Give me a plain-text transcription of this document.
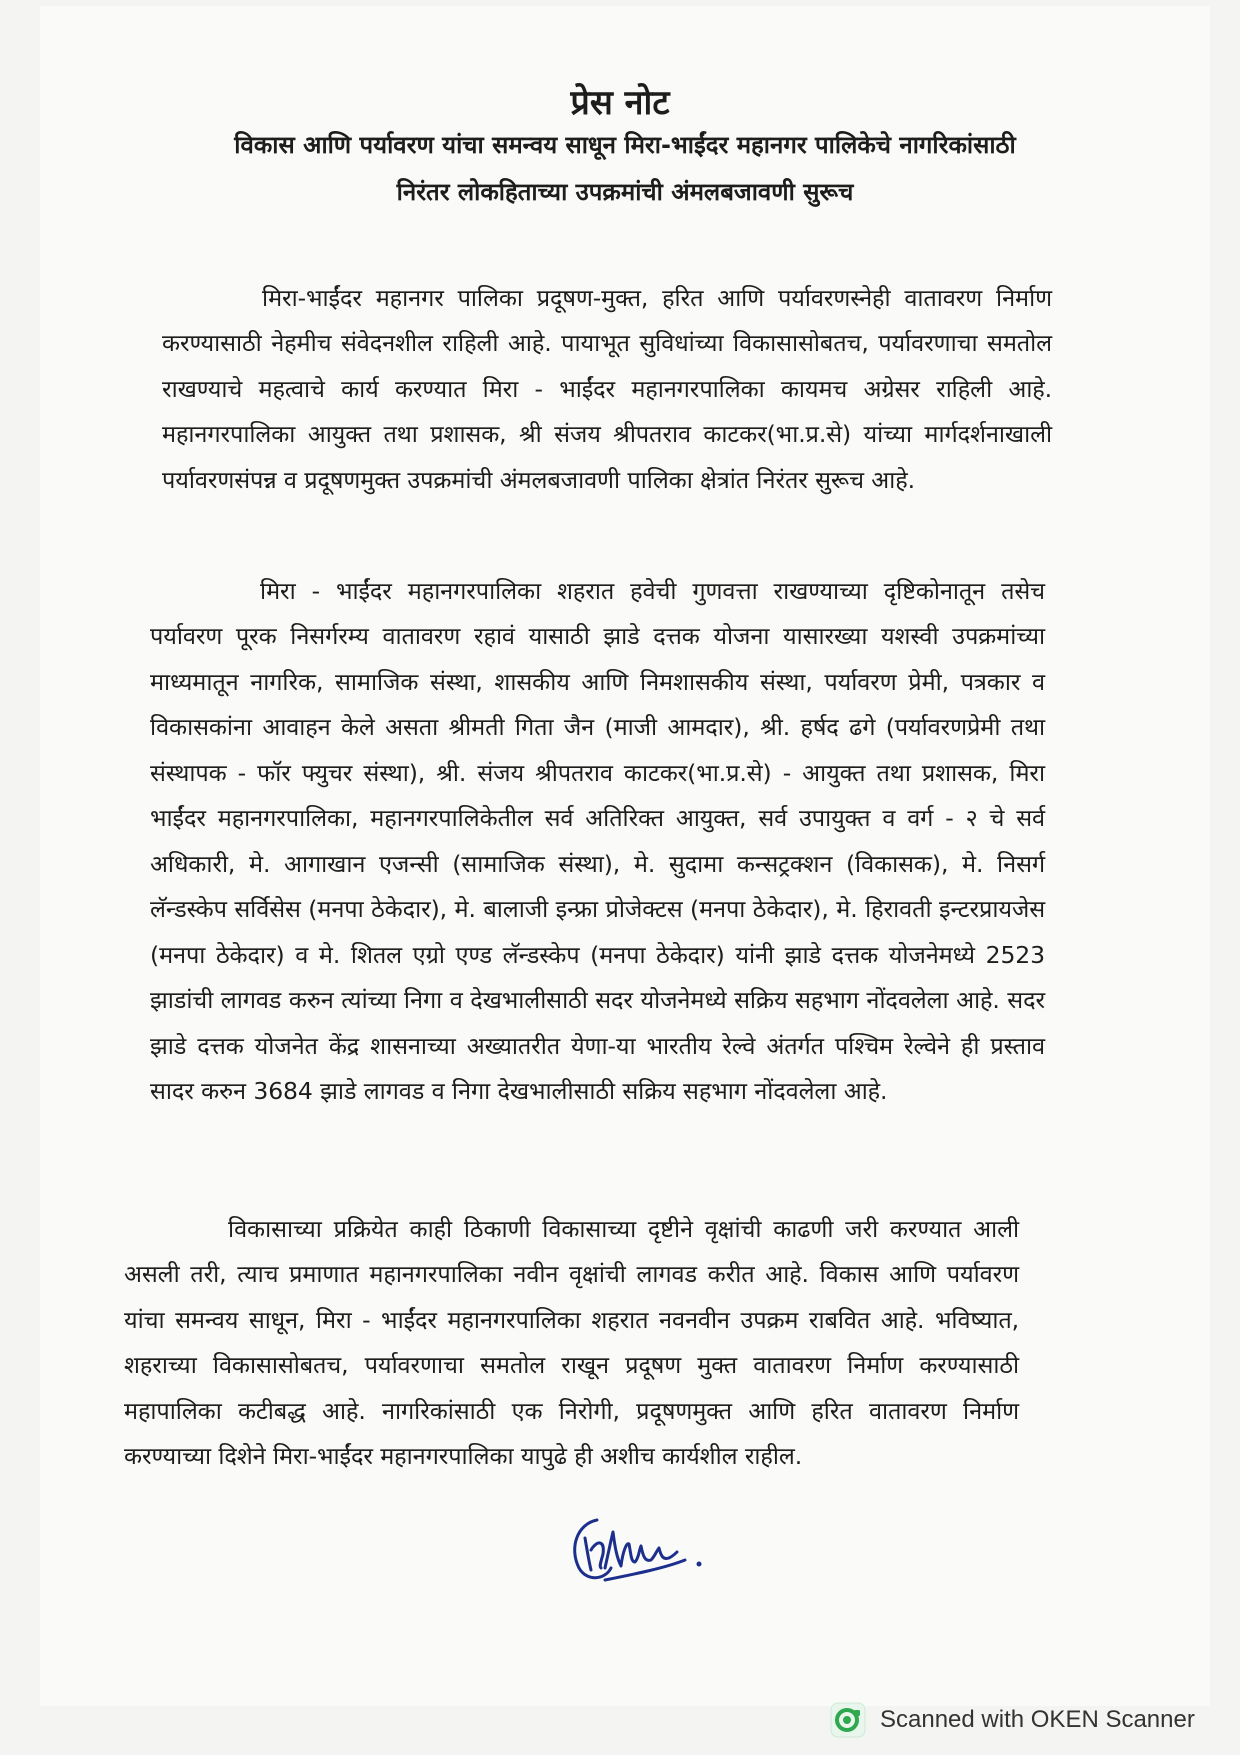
प्रेस नोट
विकास आणि पर्यावरण यांचा समन्वय साधून मिरा-भाईंदर महानगर पालिकेचे नागरिकांसाठी
निरंतर लोकहिताच्या उपक्रमांची अंमलबजावणी सुरूच

मिरा-भाईंदर महानगर पालिका प्रदूषण-मुक्त, हरित आणि पर्यावरणस्नेही वातावरण निर्माण करण्यासाठी नेहमीच संवेदनशील राहिली आहे. पायाभूत सुविधांच्या विकासासोबतच, पर्यावरणाचा समतोल राखण्याचे महत्वाचे कार्य करण्यात मिरा - भाईंदर महानगरपालिका कायमच अग्रेसर राहिली आहे. महानगरपालिका आयुक्त तथा प्रशासक, श्री संजय श्रीपतराव काटकर(भा.प्र.से) यांच्या मार्गदर्शनाखाली पर्यावरणसंपन्न व प्रदूषणमुक्त उपक्रमांची अंमलबजावणी पालिका क्षेत्रांत निरंतर सुरूच आहे.

मिरा - भाईंदर महानगरपालिका शहरात हवेची गुणवत्ता राखण्याच्या दृष्टिकोनातून तसेच पर्यावरण पूरक निसर्गरम्य वातावरण रहावं यासाठी झाडे दत्तक योजना यासारख्या यशस्वी उपक्रमांच्या माध्यमातून नागरिक, सामाजिक संस्था, शासकीय आणि निमशासकीय संस्था, पर्यावरण प्रेमी, पत्रकार व विकासकांना आवाहन केले असता श्रीमती गिता जैन (माजी आमदार), श्री. हर्षद ढगे (पर्यावरणप्रेमी तथा संस्थापक - फॉर फ्युचर संस्था), श्री. संजय श्रीपतराव काटकर(भा.प्र.से) - आयुक्त तथा प्रशासक, मिरा भाईंदर महानगरपालिका, महानगरपालिकेतील सर्व अतिरिक्त आयुक्त, सर्व उपायुक्त व वर्ग - २ चे सर्व अधिकारी, मे. आगाखान एजन्सी (सामाजिक संस्था), मे. सुदामा कन्सट्रक्शन (विकासक), मे. निसर्ग लॅन्डस्केप सर्विसेस (मनपा ठेकेदार), मे. बालाजी इन्फ्रा प्रोजेक्टस (मनपा ठेकेदार), मे. हिरावती इन्टरप्रायजेस (मनपा ठेकेदार) व मे. शितल एग्रो एण्ड लॅन्डस्केप (मनपा ठेकेदार) यांनी झाडे दत्तक योजनेमध्ये 2523 झाडांची लागवड करुन त्यांच्या निगा व देखभालीसाठी सदर योजनेमध्ये सक्रिय सहभाग नोंदवलेला आहे. सदर झाडे दत्तक योजनेत केंद्र शासनाच्या अख्यातरीत येणा-या भारतीय रेल्वे अंतर्गत पश्चिम रेल्वेने ही प्रस्ताव सादर करुन 3684 झाडे लागवड व निगा देखभालीसाठी सक्रिय सहभाग नोंदवलेला आहे.

विकासाच्या प्रक्रियेत काही ठिकाणी विकासाच्या दृष्टीने वृक्षांची काढणी जरी करण्यात आली असली तरी, त्याच प्रमाणात महानगरपालिका नवीन वृक्षांची लागवड करीत आहे. विकास आणि पर्यावरण यांचा समन्वय साधून, मिरा - भाईंदर महानगरपालिका शहरात नवनवीन उपक्रम राबवित आहे. भविष्यात, शहराच्या विकासासोबतच, पर्यावरणाचा समतोल राखून प्रदूषण मुक्त वातावरण निर्माण करण्यासाठी महापालिका कटीबद्ध आहे. नागरिकांसाठी एक निरोगी, प्रदूषणमुक्त आणि हरित वातावरण निर्माण करण्याच्या दिशेने मिरा-भाईंदर महानगरपालिका यापुढे ही अशीच कार्यशील राहील.

Scanned with OKEN Scanner
